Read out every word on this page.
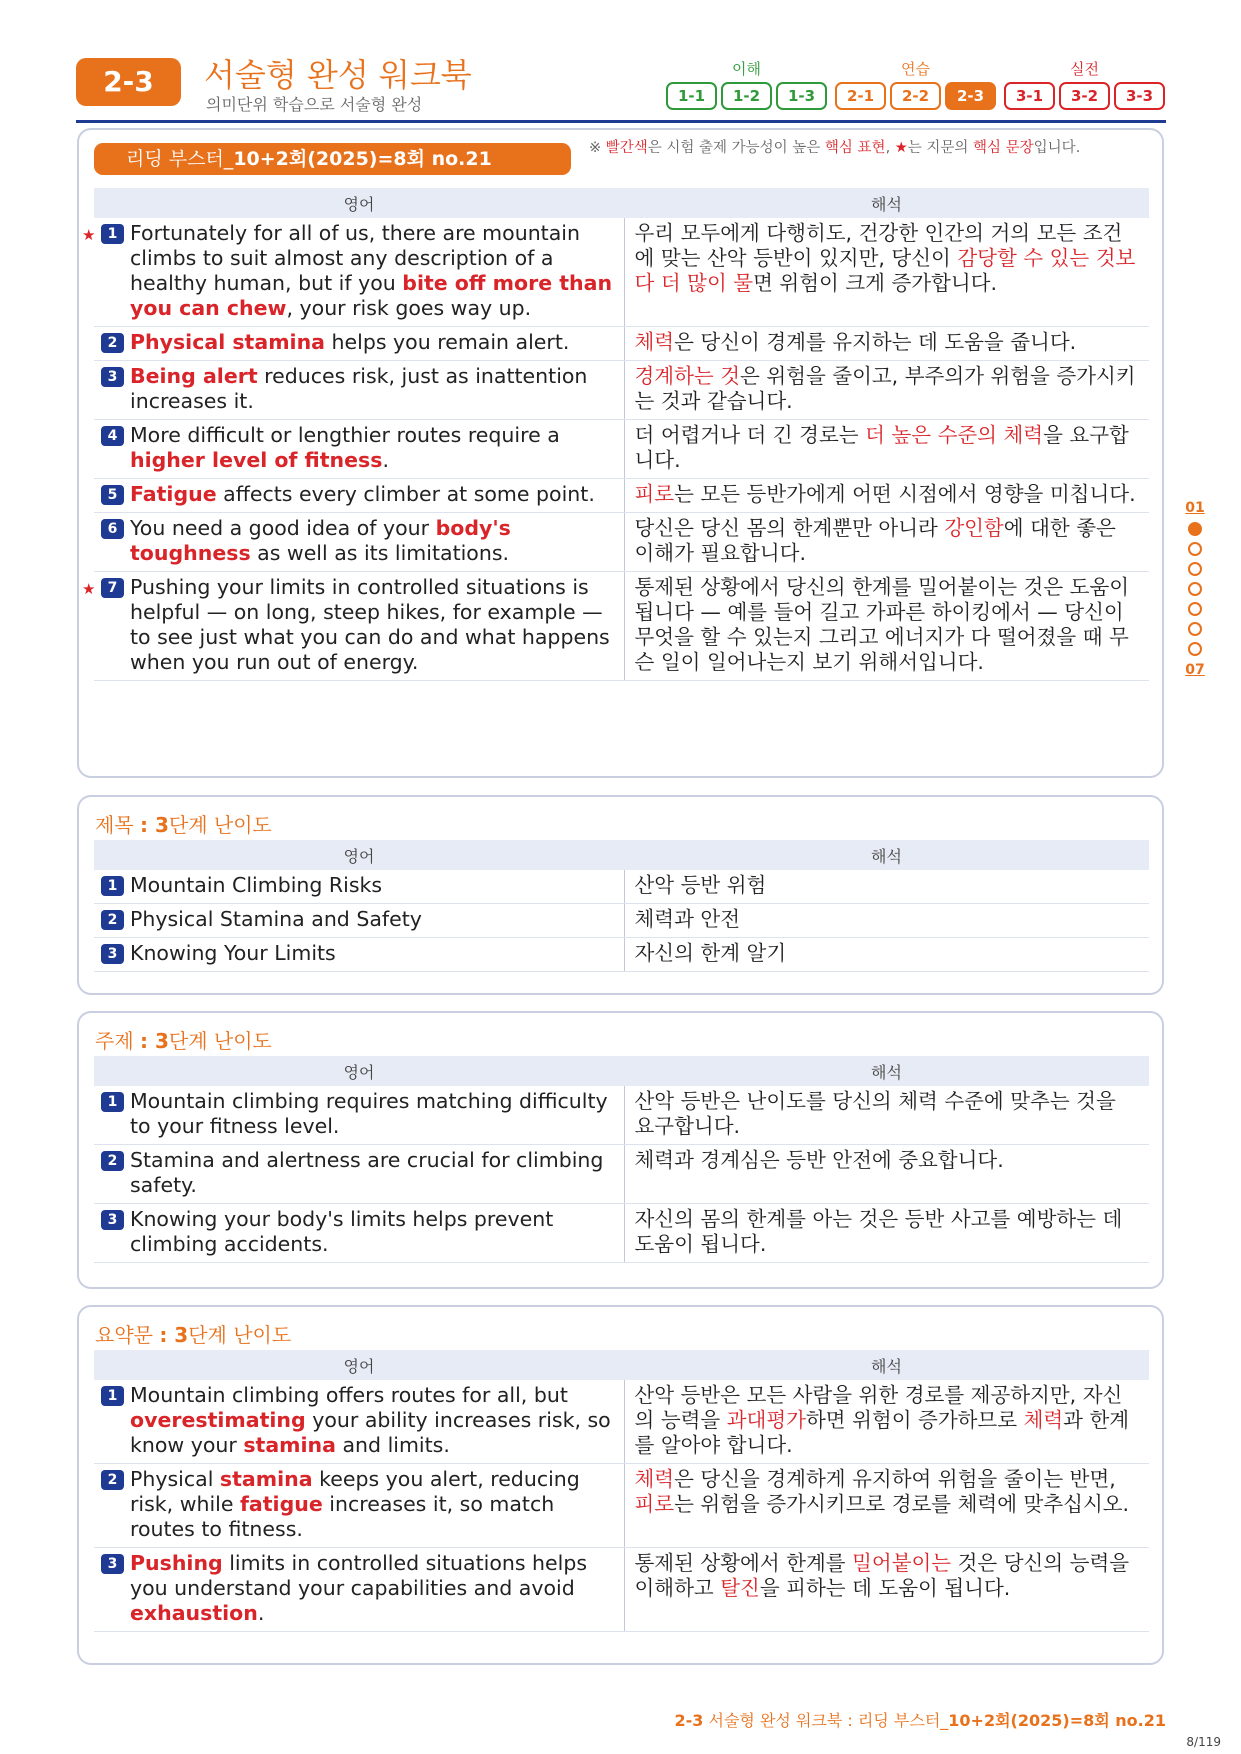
2-3	서술형 완성 워크북
의미단위 학습으로 서술형 완성
이해
1-1	1-2	1-3
연습
2-1	2-2	2-3
실전
3-1	3-2	3-3
리딩 부스터_10+2회(2025)=8회 no.21	※ 빨간색은 시험 출제 가능성이 높은 핵심 표현, ★는 지문의 핵심 문장입니다.
영어	해석

★ 1 Fortunately for all of us, there are mountain climbs to suit almost any description of a healthy human, but if you bite off more than you can chew, your risk goes way up.	우리 모두에게 다행히도, 건강한 인간의 거의 모든 조건에 맞는 산악 등반이 있지만, 당신이 감당할 수 있는 것보다 더 많이 물면 위험이 크게 증가합니다.

2 Physical stamina helps you remain alert.	체력은 당신이 경계를 유지하는 데 도움을 줍니다.

3 Being alert reduces risk, just as inattention increases it.	경계하는 것은 위험을 줄이고, 부주의가 위험을 증가시키는 것과 같습니다.

4 More difficult or lengthier routes require a higher level of fitness.	더 어렵거나 더 긴 경로는 더 높은 수준의 체력을 요구합니다.

5 Fatigue affects every climber at some point.	피로는 모든 등반가에게 어떤 시점에서 영향을 미칩니다.

6 You need a good idea of your body's toughness as well as its limitations.	당신은 당신 몸의 한계뿐만 아니라 강인함에 대한 좋은 이해가 필요합니다.

★ 7 Pushing your limits in controlled situations is helpful — on long, steep hikes, for example — to see just what you can do and what happens when you run out of energy.	통제된 상황에서 당신의 한계를 밀어붙이는 것은 도움이 됩니다 — 예를 들어 길고 가파른 하이킹에서 — 당신이 무엇을 할 수 있는지 그리고 에너지가 다 떨어졌을 때 무슨 일이 일어나는지 보기 위해서입니다.
제목 : 3단계 난이도
영어	해석

1 Mountain Climbing Risks	산악 등반 위험

2 Physical Stamina and Safety	체력과 안전

3 Knowing Your Limits	자신의 한계 알기
주제 : 3단계 난이도
영어	해석

1 Mountain climbing requires matching difficulty to your fitness level.	산악 등반은 난이도를 당신의 체력 수준에 맞추는 것을 요구합니다.

2 Stamina and alertness are crucial for climbing safety.	체력과 경계심은 등반 안전에 중요합니다.

3 Knowing your body's limits helps prevent climbing accidents.	자신의 몸의 한계를 아는 것은 등반 사고를 예방하는 데 도움이 됩니다.
요약문 : 3단계 난이도
영어	해석

1 Mountain climbing offers routes for all, but overestimating your ability increases risk, so know your stamina and limits.	산악 등반은 모든 사람을 위한 경로를 제공하지만, 자신의 능력을 과대평가하면 위험이 증가하므로 체력과 한계를 알아야 합니다.

2 Physical stamina keeps you alert, reducing risk, while fatigue increases it, so match routes to fitness.	체력은 당신을 경계하게 유지하여 위험을 줄이는 반면, 피로는 위험을 증가시키므로 경로를 체력에 맞추십시오.

3 Pushing limits in controlled situations helps you understand your capabilities and avoid exhaustion.	통제된 상황에서 한계를 밀어붙이는 것은 당신의 능력을 이해하고 탈진을 피하는 데 도움이 됩니다.
01
07
2-3 서술형 완성 워크북 : 리딩 부스터_10+2회(2025)=8회 no.21
8/119
